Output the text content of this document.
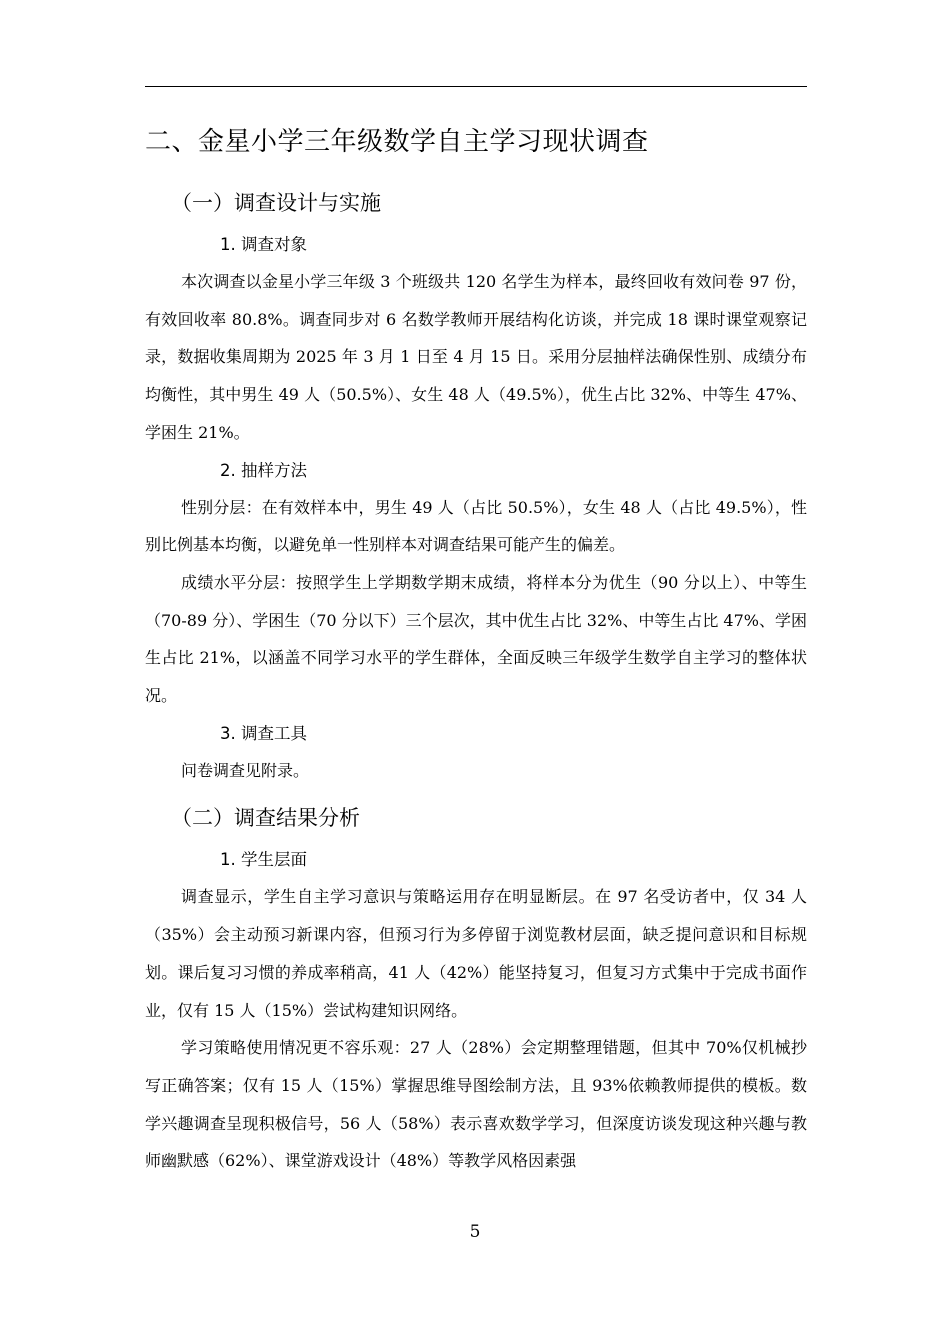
二、金星小学三年级数学自主学习现状调查
（一）调查设计与实施
1. 调查对象

本次调查以金星小学三年级 3 个班级共 120 名学生为样本，最终回收有效问卷 97 份，有效回收率 80.8%。调查同步对 6 名数学教师开展结构化访谈，并完成 18 课时课堂观察记录，数据收集周期为 2025 年 3 月 1 日至 4 月 15 日。采用分层抽样法确保性别、成绩分布均衡性，其中男生 49 人（50.5%）、女生 48 人（49.5%），优生占比 32%、中等生 47%、学困生 21%。

2. 抽样方法

性别分层：在有效样本中，男生 49 人（占比 50.5%），女生 48 人（占比 49.5%），性别比例基本均衡，以避免单一性别样本对调查结果可能产生的偏差。

成绩水平分层：按照学生上学期数学期末成绩，将样本分为优生（90 分以上）、中等生（70-89 分）、学困生（70 分以下）三个层次，其中优生占比 32%、中等生占比 47%、学困生占比 21%，以涵盖不同学习水平的学生群体，全面反映三年级学生数学自主学习的整体状况。

3. 调查工具

问卷调查见附录。

（二）调查结果分析
1. 学生层面

调查显示，学生自主学习意识与策略运用存在明显断层。在 97 名受访者中，仅 34 人（35%）会主动预习新课内容，但预习行为多停留于浏览教材层面，缺乏提问意识和目标规划。课后复习习惯的养成率稍高，41 人（42%）能坚持复习，但复习方式集中于完成书面作业，仅有 15 人（15%）尝试构建知识网络。

学习策略使用情况更不容乐观：27 人（28%）会定期整理错题，但其中 70%仅机械抄写正确答案；仅有 15 人（15%）掌握思维导图绘制方法，且 93%依赖教师提供的模板。数学兴趣调查呈现积极信号，56 人（58%）表示喜欢数学学习，但深度访谈发现这种兴趣与教师幽默感（62%）、课堂游戏设计（48%）等教学风格因素强

5
